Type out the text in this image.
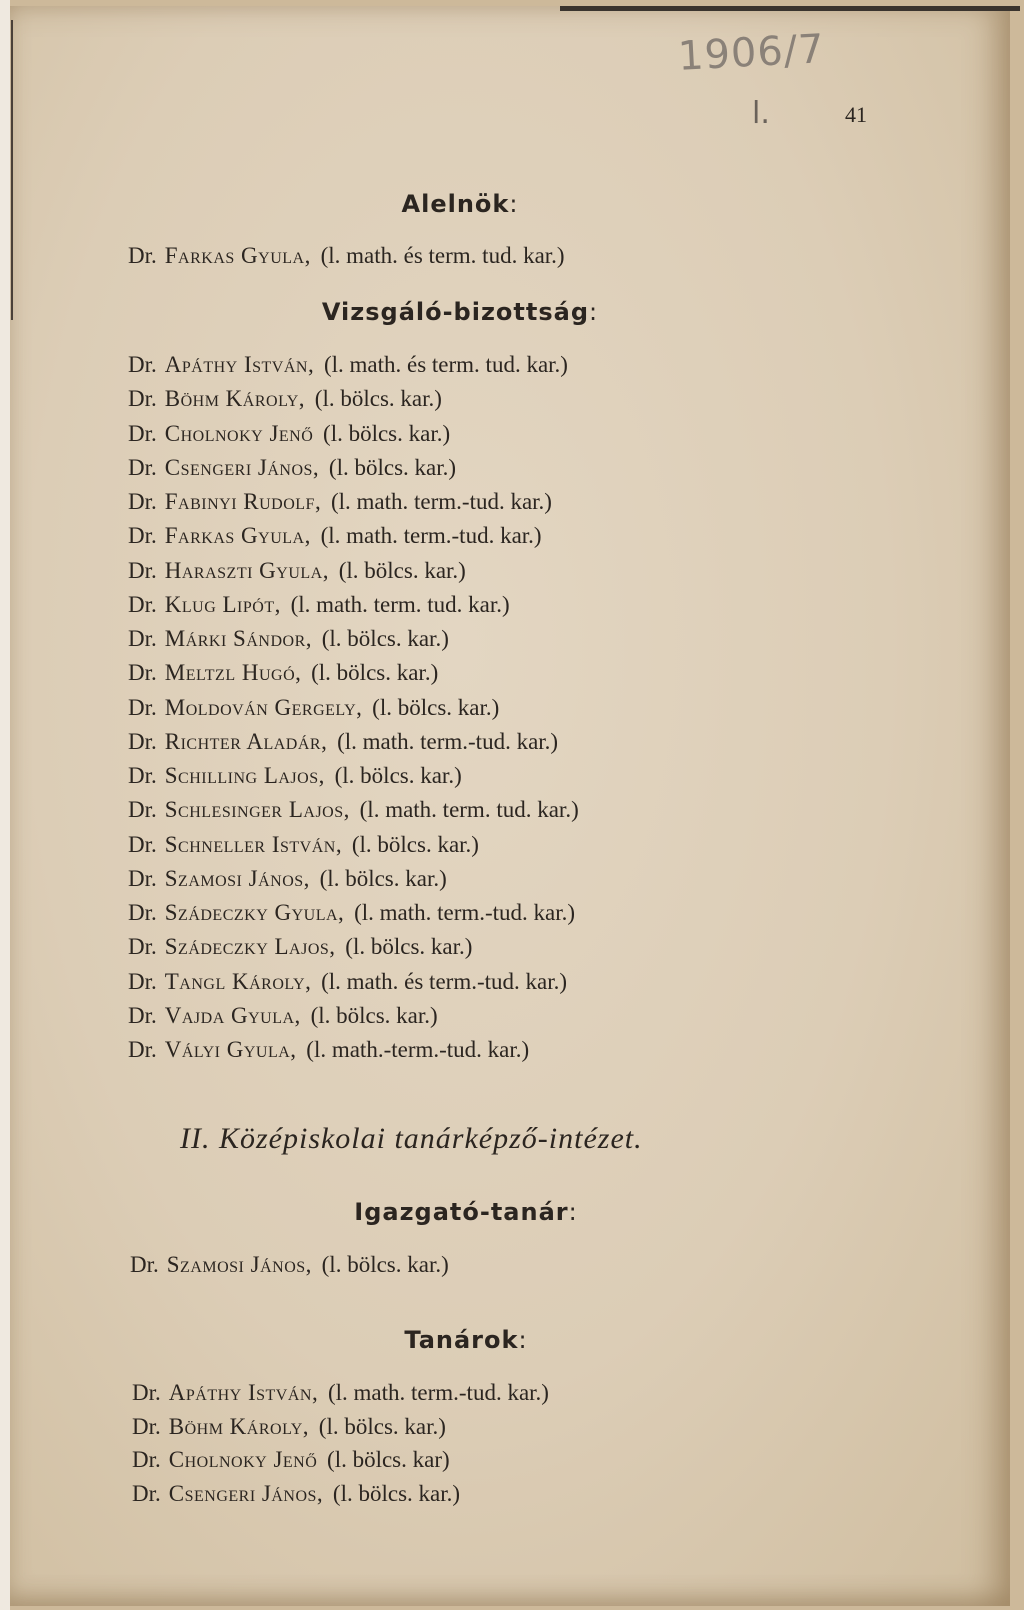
1906/7
l.	41
Alelnök:
Dr. Farkas Gyula, (l. math. és term. tud. kar.)
Vizsgáló-bizottság:
Dr. Apáthy István, (l. math. és term. tud. kar.)
Dr. Böhm Károly, (l. bölcs. kar.)
Dr. Cholnoky Jenő (l. bölcs. kar.)
Dr. Csengeri János, (l. bölcs. kar.)
Dr. Fabinyi Rudolf, (l. math. term.-tud. kar.)
Dr. Farkas Gyula, (l. math. term.-tud. kar.)
Dr. Haraszti Gyula, (l. bölcs. kar.)
Dr. Klug Lipót, (l. math. term. tud. kar.)
Dr. Márki Sándor, (l. bölcs. kar.)
Dr. Meltzl Hugó, (l. bölcs. kar.)
Dr. Moldován Gergely, (l. bölcs. kar.)
Dr. Richter Aladár, (l. math. term.-tud. kar.)
Dr. Schilling Lajos, (l. bölcs. kar.)
Dr. Schlesinger Lajos, (l. math. term. tud. kar.)
Dr. Schneller István, (l. bölcs. kar.)
Dr. Szamosi János, (l. bölcs. kar.)
Dr. Szádeczky Gyula, (l. math. term.-tud. kar.)
Dr. Szádeczky Lajos, (l. bölcs. kar.)
Dr. Tangl Károly, (l. math. és term.-tud. kar.)
Dr. Vajda Gyula, (l. bölcs. kar.)
Dr. Vályi Gyula, (l. math.-term.-tud. kar.)
II. Középiskolai tanárképző-intézet.
Igazgató-tanár:
Dr. Szamosi János, (l. bölcs. kar.)
Tanárok:
Dr. Apáthy István, (l. math. term.-tud. kar.)
Dr. Böhm Károly, (l. bölcs. kar.)
Dr. Cholnoky Jenő (l. bölcs. kar)
Dr. Csengeri János, (l. bölcs. kar.)
